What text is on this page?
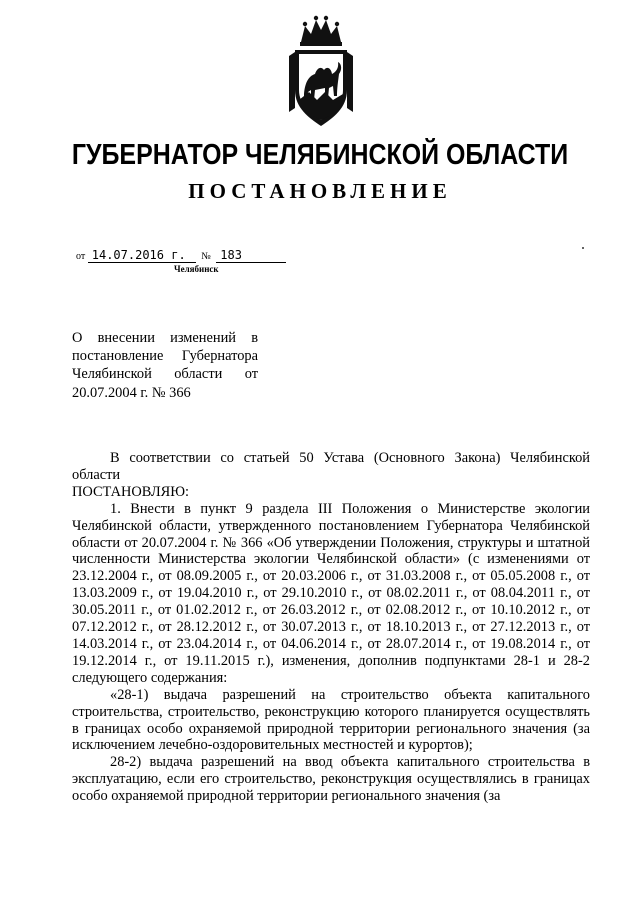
ГУБЕРНАТОР ЧЕЛЯБИНСКОЙ ОБЛАСТИ
ПОСТАНОВЛЕНИЕ
от 14.07.2016 г. № 183
Челябинск
О внесении изменений в постановление Губернатора Челябинской области от 20.07.2004 г. № 366

В соответствии со статьей 50 Устава (Основного Закона) Челябинской области

ПОСТАНОВЛЯЮ:

1. Внести в пункт 9 раздела III Положения о Министерстве экологии Челябинской области, утвержденного постановлением Губернатора Челябинской области от 20.07.2004 г. № 366 «Об утверждении Положения, структуры и штатной численности Министерства экологии Челябинской области» (с изменениями от 23.12.2004 г., от 08.09.2005 г., от 20.03.2006 г., от 31.03.2008 г., от 05.05.2008 г., от 13.03.2009 г., от 19.04.2010 г., от 29.10.2010 г., от 08.02.2011 г., от 08.04.2011 г., от 30.05.2011 г., от 01.02.2012 г., от 26.03.2012 г., от 02.08.2012 г., от 10.10.2012 г., от 07.12.2012 г., от 28.12.2012 г., от 30.07.2013 г., от 18.10.2013 г., от 27.12.2013 г., от 14.03.2014 г., от 23.04.2014 г., от 04.06.2014 г., от 28.07.2014 г., от 19.08.2014 г., от 19.12.2014 г., от 19.11.2015 г.), изменения, дополнив подпунктами 28-1 и 28-2 следующего содержания:

«28-1) выдача разрешений на строительство объекта капитального строительства, строительство, реконструкцию которого планируется осуществлять в границах особо охраняемой природной территории регионального значения (за исключением лечебно-оздоровительных местностей и курортов);

28-2) выдача разрешений на ввод объекта капитального строительства в эксплуатацию, если его строительство, реконструкция осуществлялись в границах особо охраняемой природной территории регионального значения (за
